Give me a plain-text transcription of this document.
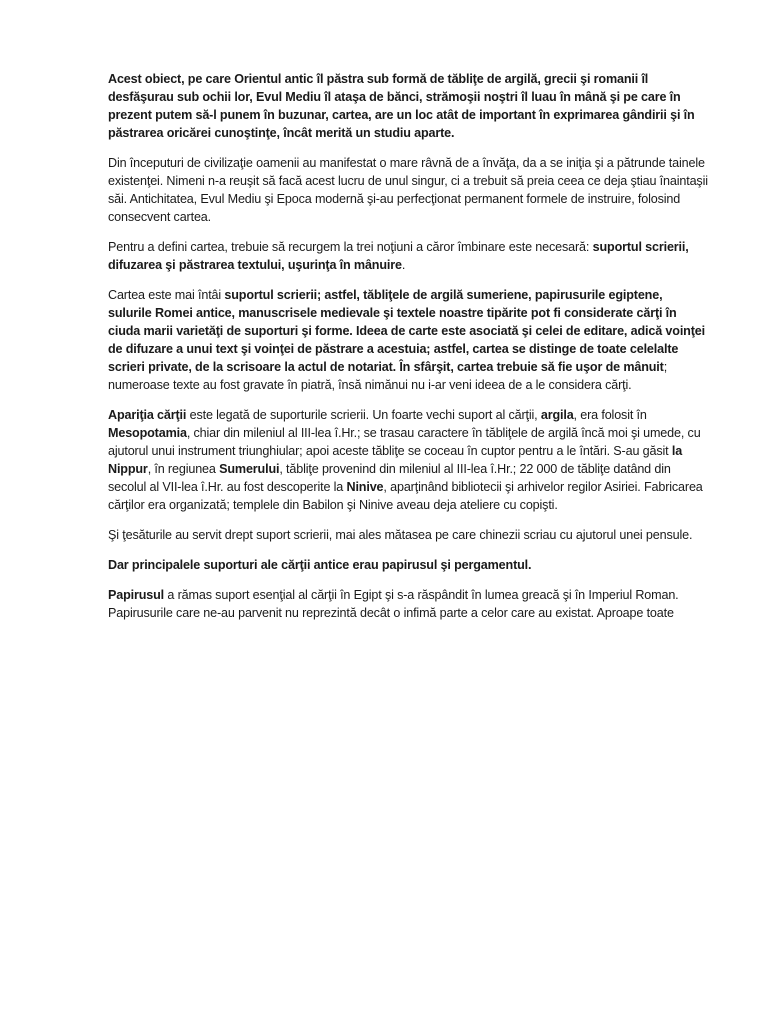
Acest obiect, pe care Orientul antic îl păstra sub formă de tăbliţe de argilă, grecii şi romanii îl desfăşurau sub ochii lor, Evul Mediu îl ataşa de bănci, strămoşii noştri îl luau în mână şi pe care în prezent putem să-l punem în buzunar, cartea, are un loc atât de important în exprimarea gândirii şi în păstrarea oricărei cunoştinţe, încât merită un studiu aparte.

Din începuturi de civilizaţie oamenii au manifestat o mare râvnă de a învăţa, da a se iniţia şi a pătrunde tainele existenţei. Nimeni n-a reuşit să facă acest lucru de unul singur, ci a trebuit să preia ceea ce deja ştiau înaintaşii săi. Antichitatea, Evul Mediu şi Epoca modernă şi-au perfecţionat permanent formele de instruire, folosind consecvent cartea.

Pentru a defini cartea, trebuie să recurgem la trei noţiuni a căror îmbinare este necesară: suportul scrierii, difuzarea şi păstrarea textului, uşurinţa în mânuire.

Cartea este mai întâi suportul scrierii; astfel, tăbliţele de argilă sumeriene, papirusurile egiptene, sulurile Romei antice, manuscrisele medievale şi textele noastre tipărite pot fi considerate cărţi în ciuda marii varietăţi de suporturi şi forme. Ideea de carte este asociată şi celei de editare, adică voinţei de difuzare a unui text şi voinţei de păstrare a acestuia; astfel, cartea se distinge de toate celelalte scrieri private, de la scrisoare la actul de notariat. În sfârşit, cartea trebuie să fie uşor de mânuit; numeroase texte au fost gravate în piatră, însă nimănui nu i-ar veni ideea de a le considera cărţi.

Apariţia cărţii este legată de suporturile scrierii. Un foarte vechi suport al cărţii, argila, era folosit în Mesopotamia, chiar din mileniul al III-lea î.Hr.; se trasau caractere în tăbliţele de argilă încă moi şi umede, cu ajutorul unui instrument triunghiular; apoi aceste tăbliţe se coceau în cuptor pentru a le întări. S-au găsit la Nippur, în regiunea Sumerului, tăbliţe provenind din mileniul al III-lea î.Hr.; 22 000 de tăbliţe datând din secolul al VII-lea î.Hr. au fost descoperite la Ninive, aparţinând bibliotecii şi arhivelor regilor Asiriei. Fabricarea cărţilor era organizată; templele din Babilon şi Ninive aveau deja ateliere cu copişti.

Şi ţesăturile au servit drept suport scrierii, mai ales mătasea pe care chinezii scriau cu ajutorul unei pensule.

Dar principalele suporturi ale cărţii antice erau papirusul şi pergamentul.

Papirusul a rămas suport esenţial al cărţii în Egipt şi s-a răspândit în lumea greacă şi în Imperiul Roman. Papirusurile care ne-au parvenit nu reprezintă decât o infimă parte a celor care au existat. Aproape toate
